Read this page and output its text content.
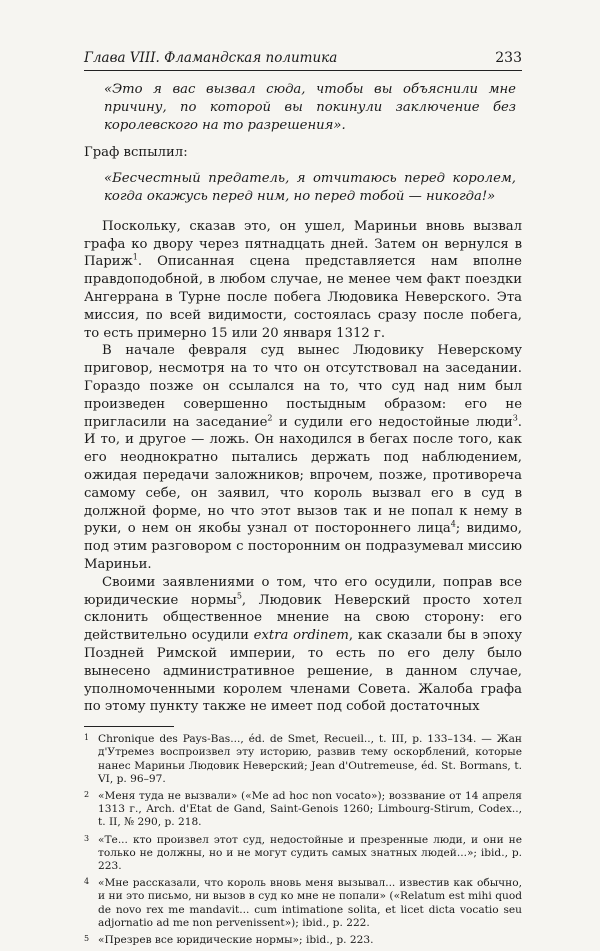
Глава VIII. Фламандская политика	233
«Это я вас вызвал сюда, чтобы вы объяснили мне причину, по которой вы покинули заключение без королевского на то разрешения».
Граф вспылил:
«Бесчестный предатель, я отчитаюсь перед королем, когда окажусь перед ним, но перед тобой — никогда!»

Поскольку, сказав это, он ушел, Мариньи вновь вызвал графа ко двору через пятнадцать дней. Затем он вернулся в Париж$^1$. Описанная сцена представляется нам вполне правдоподобной, в любом случае, не менее чем факт поездки Ангеррана в Турне после побега Людовика Неверского. Эта миссия, по всей видимости, состоялась сразу после побега, то есть примерно 15 или 20 января 1312 г.

В начале февраля суд вынес Людовику Неверскому приговор, несмотря на то что он отсутствовал на заседании. Гораздо позже он ссылался на то, что суд над ним был произведен совершенно постыдным образом: его не пригласили на заседание$^2$ и судили его недостойные люди$^3$. И то, и другое — ложь. Он находился в бегах после того, как его неоднократно пытались держать под наблюдением, ожидая передачи заложников; впрочем, позже, противореча самому себе, он заявил, что король вызвал его в суд в должной форме, но что этот вызов так и не попал к нему в руки, о нем он якобы узнал от постороннего лица$^4$; видимо, под этим разговором с посторонним он подразумевал миссию Мариньи.

Своими заявлениями о том, что его осудили, поправ все юридические нормы$^5$, Людовик Неверский просто хотел склонить общественное мнение на свою сторону: его действительно осудили extra ordinem, как сказали бы в эпоху Поздней Римской империи, то есть по его делу было вынесено административное решение, в данном случае, уполномоченными королем членами Совета. Жалоба графа по этому пункту также не имеет под собой достаточных

1 Chronique des Pays-Bas..., éd. de Smet, Recueil.., t. III, p. 133–134. — Жан д'Утремез воспроизвел эту историю, развив тему оскорблений, которые нанес Мариньи Людовик Неверский; Jean d'Outremeuse, éd. St. Bormans, t. VI, p. 96–97.
2 «Меня туда не вызвали» («Me ad hoc non vocato»); воззвание от 14 апреля 1313 г., Arch. d'Etat de Gand, Saint-Genois 1260; Limbourg-Stirum, Codex.., t. II, № 290, p. 218.
3 «Те... кто произвел этот суд, недостойные и презренные люди, и они не только не должны, но и не могут судить самых знатных людей...»; ibid., p. 223.
4 «Мне рассказали, что король вновь меня вызывал... известив как обычно, и ни это письмо, ни вызов в суд ко мне не попали» («Relatum est mihi quod de novo rex me mandavit... cum intimatione solita, et licet dicta vocatio seu adjornatio ad me non pervenissent»); ibid., p. 222.
5 «Презрев все юридические нормы»; ibid., p. 223.
